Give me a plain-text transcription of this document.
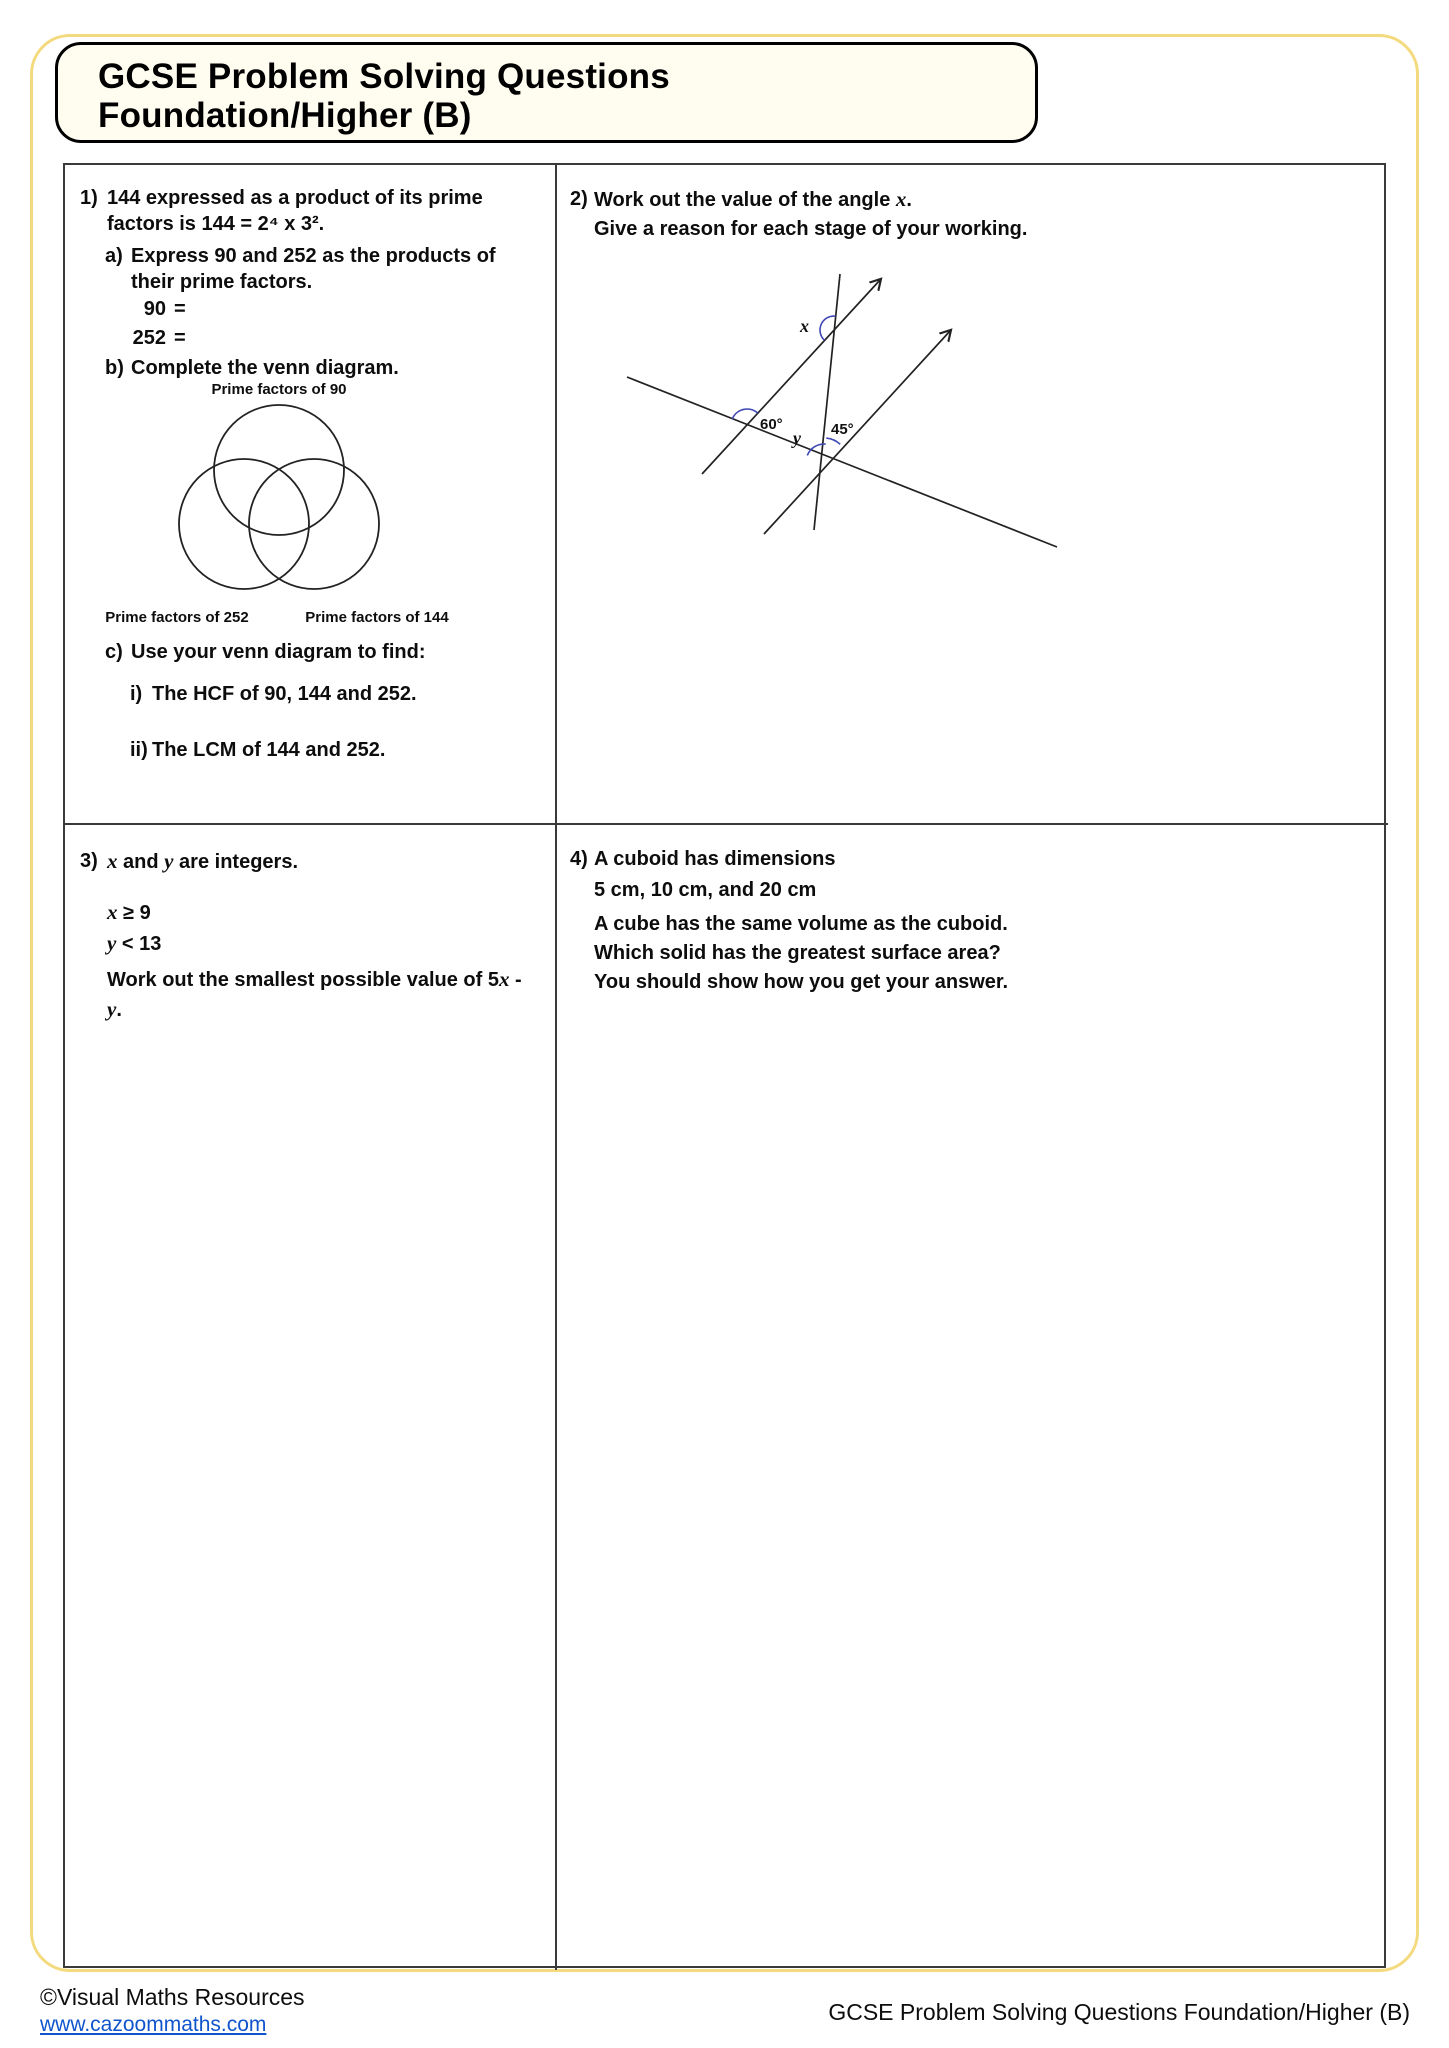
GCSE Problem Solving Questions
Foundation/Higher (B)
1) 144 expressed as a product of its prime factors is 144 = 2⁴ x 3².
a) Express 90 and 252 as the products of their prime factors.
90 =
252 =
b) Complete the venn diagram.
Prime factors of 90
Prime factors of 252	Prime factors of 144
c) Use your venn diagram to find:
i) The HCF of 90, 144 and 252.
ii) The LCM of 144 and 252.
2) Work out the value of the angle x.
Give a reason for each stage of your working.
60°	45°
x
y
3) x and y are integers.
x ≥ 9
y < 13
Work out the smallest possible value of 5x - y.
4) A cuboid has dimensions
5 cm, 10 cm, and 20 cm
A cube has the same volume as the cuboid.
Which solid has the greatest surface area?
You should show how you get your answer.
©Visual Maths Resources
www.cazoommaths.com	GCSE Problem Solving Questions Foundation/Higher (B)
